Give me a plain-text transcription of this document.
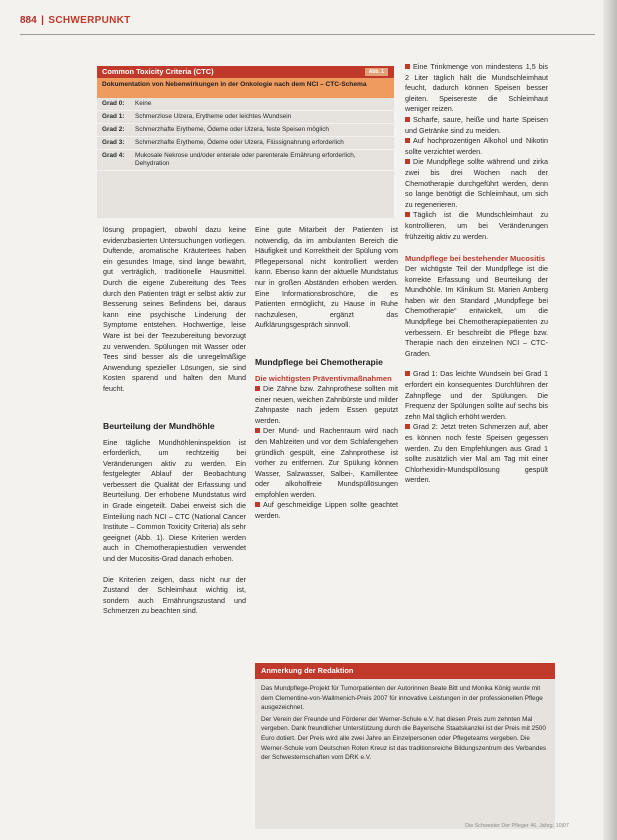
884 | SCHWERPUNKT
Common Toxicity Criteria (CTC)	Abb. 1
Dokumentation von Nebenwirkungen in der Onkologie nach dem NCI – CTC-Schema
Grad 0:	Keine
Grad 1:	Schmerzlose Ulzera, Erytheme oder leichtes Wundsein
Grad 2:	Schmerzhafte Erytheme, Ödeme oder Ulzera, feste Speisen möglich
Grad 3:	Schmerzhafte Erytheme, Ödeme oder Ulzera, Flüssignahrung erforderlich
Grad 4:	Mukosale Nekrose und/oder enterale oder parenterale Ernährung erforderlich, Dehydration

lösung propagiert, obwohl dazu keine evidenzbasierten Untersuchungen vorliegen. Duftende, aromatische Kräutertees haben ein gesundes Image, sind lange bewährt, gut verträglich, traditionelle Hausmittel. Durch die eigene Zubereitung des Tees durch den Patienten trägt er selbst aktiv zur Besserung seines Befindens bei, daraus kann eine psychische Linderung der Symptome entstehen. Hochwertige, leise Ware ist bei der Teezubereitung bevorzugt zu verwenden. Spülungen mit Wasser oder Tees sind besser als die unregelmäßige Anwendung spezieller Lösungen, sie sind Kosten sparend und halten den Mund feucht.

Beurteilung der Mundhöhle

Eine tägliche Mundhöhleninspektion ist erforderlich, um rechtzeitig bei Veränderungen aktiv zu werden. Ein festgelegter Ablauf der Beobachtung verbessert die Qualität der Erfassung und Beurteilung. Der erhobene Mundstatus wird in Grade eingeteilt. Dabei erweist sich die Einteilung nach NCI – CTC (National Cancer Institute – Common Toxicity Criteria) als sehr geeignet (Abb. 1). Diese Kriterien werden auch in Chemotherapiestudien verwendet und der Mucositis-Grad danach erhoben.

Die Kriterien zeigen, dass nicht nur der Zustand der Schleimhaut wichtig ist, sondern auch Ernährungszustand und Schmerzen zu beachten sind.

Eine gute Mitarbeit der Patienten ist notwendig, da im ambulanten Bereich die Häufigkeit und Korrektheit der Spülung vom Pflegepersonal nicht kontrolliert werden kann. Ebenso kann der aktuelle Mundstatus nur in großen Abständen erhoben werden. Eine Informationsbroschüre, die es Patienten ermöglicht, zu Hause in Ruhe nachzulesen, ergänzt das Aufklärungsgespräch sinnvoll.

Mundpflege bei Chemotherapie

Die wichtigsten Präventivmaßnahmen

Die Zähne bzw. Zahnprothese sollten mit einer neuen, weichen Zahnbürste und milder Zahnpaste nach jedem Essen geputzt werden.

Der Mund- und Rachenraum wird nach den Mahlzeiten und vor dem Schlafengehen gründlich gespült, eine Zahnprothese ist vorher zu entfernen. Zur Spülung können Wasser, Salzwasser, Salbei-, Kamillentee oder alkoholfreie Mundspüllösungen empfohlen werden.

Auf geschmeidige Lippen sollte geachtet werden.

Eine Trinkmenge von mindestens 1,5 bis 2 Liter täglich hält die Mundschleimhaut feucht, dadurch können Speisen besser gleiten. Speisereste die Schleimhaut weniger reizen.

Scharfe, saure, heiße und harte Speisen und Getränke sind zu meiden.

Auf hochprozentigen Alkohol und Nikotin sollte verzichtet werden.

Die Mundpflege sollte während und zirka zwei bis drei Wochen nach der Chemotherapie durchgeführt werden, denn so lange benötigt die Schleimhaut, um sich zu regenerieren.

Täglich ist die Mundschleimhaut zu kontrollieren, um bei Veränderungen frühzeitig aktiv zu werden.

Mundpflege bei bestehender Mucositis

Der wichtigste Teil der Mundpflege ist die korrekte Erfassung und Beurteilung der Mundhöhle. Im Klinikum St. Marien Amberg haben wir den Standard „Mundpflege bei Chemotherapie“ entwickelt, um die Mundpflege bei Chemotherapiepatienten zu verbessern. Er beschreibt die Pflege bzw. Therapie nach den einzelnen NCI – CTC-Graden.

Grad 1: Das leichte Wundsein bei Grad 1 erfordert ein konsequentes Durchführen der Zahnpflege und der Spülungen. Die Frequenz der Spülungen sollte auf sechs bis zehn Mal täglich erhöht werden.

Grad 2: Jetzt treten Schmerzen auf, aber es können noch feste Speisen gegessen werden. Zu den Empfehlungen aus Grad 1 sollte zusätzlich vier Mal am Tag mit einer Chlorhexidin-Mundspüllösung gespült werden.

Anmerkung der Redaktion

Das Mundpflege-Projekt für Tumorpatienten der Autorinnen Beate Bitt und Monika König wurde mit dem Clementine-von-Wallmenich-Preis 2007 für innovative Leistungen in der professionellen Pflege ausgezeichnet.

Der Verein der Freunde und Förderer der Werner-Schule e.V. hat diesen Preis zum zehnten Mal vergeben. Dank freundlicher Unterstützung durch die Bayerische Staatskanzlei ist der Preis mit 2500 Euro dotiert. Der Preis wird alle zwei Jahre an Einzelpersonen oder Pflegeteams vergeben. Die Werner-Schule vom Deutschen Roten Kreuz ist das traditionsreiche Bildungszentrum des Verbandes der Schwesternschaften vom DRK e.V.

Die Schwester Der Pfleger 46. Jahrg. 10|07
